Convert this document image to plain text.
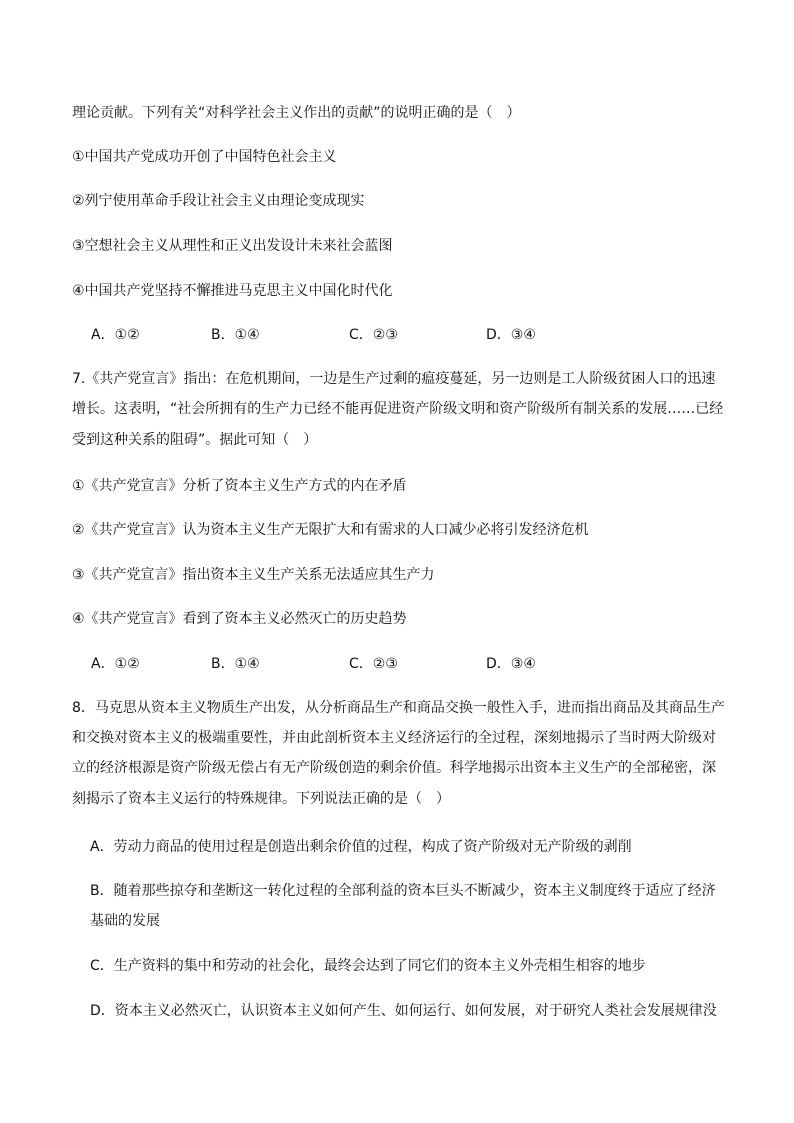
理论贡献。下列有关“对科学社会主义作出的贡献”的说明正确的是（　）
①中国共产党成功开创了中国特色社会主义
②列宁使用革命手段让社会主义由理论变成现实
③空想社会主义从理性和正义出发设计未来社会蓝图
④中国共产党坚持不懈推进马克思主义中国化时代化
A．①②	B．①④	C．②③	D．③④
7.《共产党宣言》指出：在危机期间，一边是生产过剩的瘟疫蔓延，另一边则是工人阶级贫困人口的迅速
增长。这表明，“社会所拥有的生产力已经不能再促进资产阶级文明和资产阶级所有制关系的发展……已经
受到这种关系的阻碍”。据此可知（　）
①《共产党宣言》分析了资本主义生产方式的内在矛盾
②《共产党宣言》认为资本主义生产无限扩大和有需求的人口减少必将引发经济危机
③《共产党宣言》指出资本主义生产关系无法适应其生产力
④《共产党宣言》看到了资本主义必然灭亡的历史趋势
A．①②	B．①④	C．②③	D．③④
8．马克思从资本主义物质生产出发，从分析商品生产和商品交换一般性入手，进而指出商品及其商品生产
和交换对资本主义的极端重要性，并由此剖析资本主义经济运行的全过程，深刻地揭示了当时两大阶级对
立的经济根源是资产阶级无偿占有无产阶级创造的剩余价值。科学地揭示出资本主义生产的全部秘密，深
刻揭示了资本主义运行的特殊规律。下列说法正确的是（　）
A．劳动力商品的使用过程是创造出剩余价值的过程，构成了资产阶级对无产阶级的剥削
B．随着那些掠夺和垄断这一转化过程的全部利益的资本巨头不断减少，资本主义制度终于适应了经济
基础的发展
C．生产资料的集中和劳动的社会化，最终会达到了同它们的资本主义外壳相生相容的地步
D．资本主义必然灭亡，认识资本主义如何产生、如何运行、如何发展，对于研究人类社会发展规律没
